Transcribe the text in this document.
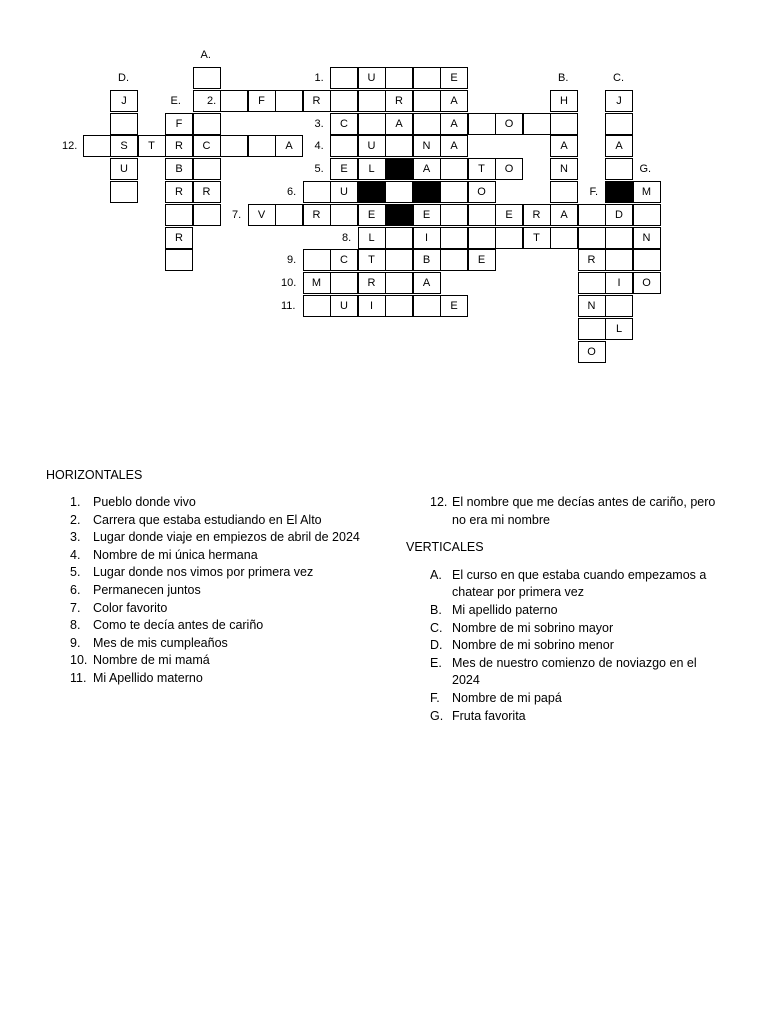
C
R
U	E
J
S
U
F
R
B
R
R
F	R	R	A
C	A	A	O
T	A	U	N	A
E	L	A	T	O
U	O
V	R	E	E	E	R	A	D
L	I	T	N
C	T	B	E
M	R	A
U	I	E
H
A
N
J
A
R
I	O
N
L
O
M
A.
D.	1.	B.	C.
E. 2.
3.
12.	4.
5.	G.
6.	F.
7.
8.
9.
10.
11.
HORIZONTALES
1. Pueblo donde vivo
2. Carrera que estaba estudiando en El Alto
3. Lugar donde viaje en empiezos de abril de 2024
4. Nombre de mi única hermana
5. Lugar donde nos vimos por primera vez
6. Permanecen juntos
7. Color favorito
8. Como te decía antes de cariño
9. Mes de mis cumpleaños
10. Nombre de mi mamá
11. Mi Apellido materno
12. El nombre que me decías antes de cariño, pero no era mi nombre
VERTICALES
A. El curso en que estaba cuando empezamos a chatear por primera vez
B. Mi apellido paterno
C. Nombre de mi sobrino mayor
D. Nombre de mi sobrino menor
E. Mes de nuestro comienzo de noviazgo en el 2024
F. Nombre de mi papá
G. Fruta favorita
